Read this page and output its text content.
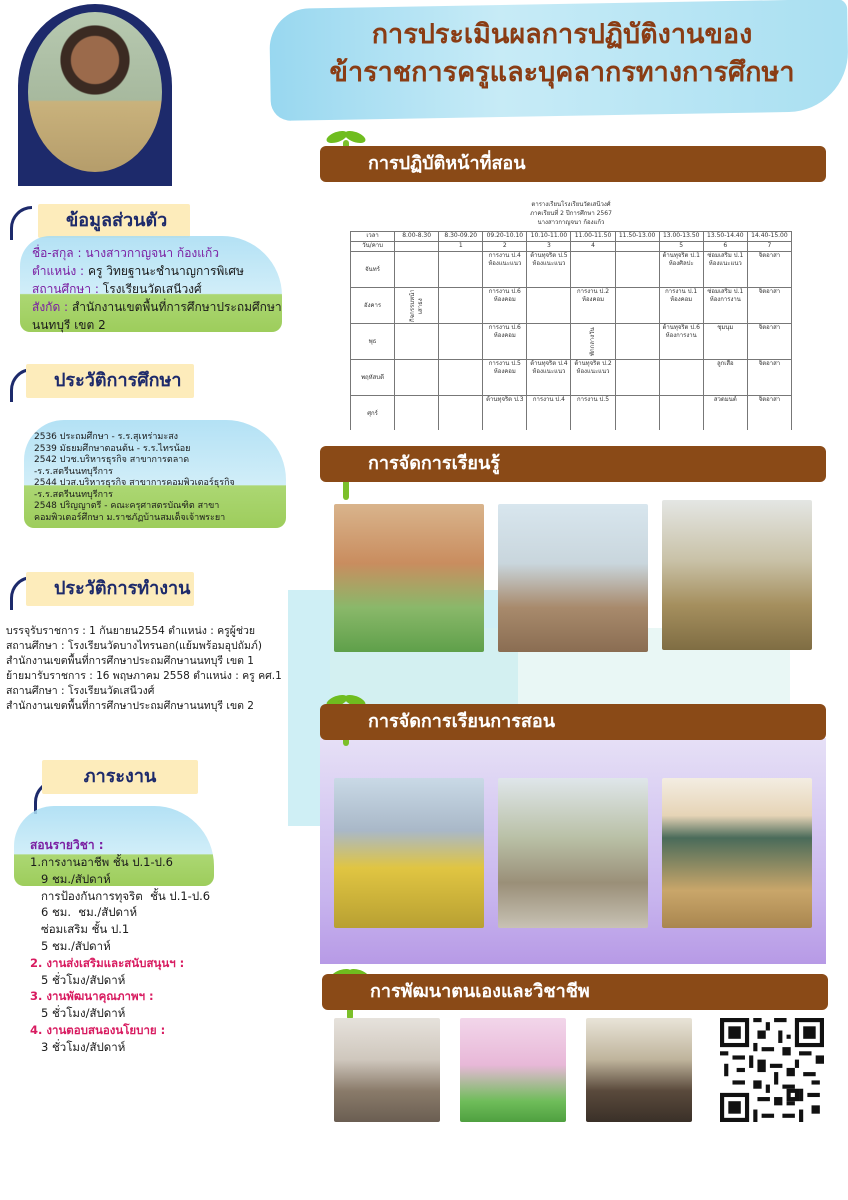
การประเมินผลการปฏิบัติงานของ
ข้าราชการครูและบุคลากรทางการศึกษา
ข้อมูลส่วนตัว
ชื่อ-สกุล : นางสาวกาญจนา ก้องแก้ว
ตำแหน่ง : ครู วิทยฐานะชำนาญการพิเศษ
สถานศึกษา : โรงเรียนวัดเสนีวงศ์
สังกัด : สำนักงานเขตพื้นที่การศึกษาประถมศึกษา
นนทบุรี เขต 2
ประวัติการศึกษา
2536 ประถมศึกษา - ร.ร.สุเหร่ามะสง
2539 มัธยมศึกษาตอนต้น - ร.ร.ไทรน้อย
2542 ปวช.บริหารธุรกิจ สาขาการตลาด
-ร.ร.สตรีนนทบุรีการ
2544 ปวส.บริหารธุรกิจ สาขาการคอมพิวเตอร์ธุรกิจ
-ร.ร.สตรีนนทบุรีการ
2548 ปริญญาตรี - คณะครุศาสตรบัณฑิต สาขา
คอมพิวเตอร์ศึกษา ม.ราชภัฏบ้านสมเด็จเจ้าพระยา
ประวัติการทำงาน
บรรจุรับราชการ : 1 กันยายน2554 ตำแหน่ง : ครูผู้ช่วย
สถานศึกษา : โรงเรียนวัดบางไทรนอก(แย้มพร้อมอุปถัมภ์)
สำนักงานเขตพื้นที่การศึกษาประถมศึกษานนทบุรี เขต 1
ย้ายมารับราชการ : 16 พฤษภาคม 2558 ตำแหน่ง : ครู คศ.1
สถานศึกษา : โรงเรียนวัดเสนีวงศ์
สำนักงานเขตพื้นที่การศึกษาประถมศึกษานนทบุรี เขต 2
ภาระงาน
สอนรายวิชา :
1.การงานอาชีพ ชั้น ป.1-ป.6
9 ชม./สัปดาห์
การป้องกันการทุจริต  ชั้น ป.1-ป.6
6 ชม.  ชม./สัปดาห์
ซ่อมเสริม ชั้น ป.1
5 ชม./สัปดาห์
2. งานส่งเสริมและสนับสนุนฯ :
5 ชั่วโมง/สัปดาห์
3. งานพัฒนาคุณภาพฯ :
5 ชั่วโมง/สัปดาห์
4. งานตอบสนองนโยบาย :
3 ชั่วโมง/สัปดาห์
การปฏิบัติหน้าที่สอน
ตารางเรียนโรงเรียนวัดเสนีวงศ์
ภาคเรียนที่ 2 ปีการศึกษา 2567
นางสาวกาญจนา ก้องแก้ว
เวลา	8.00-8.30	8.30-09.20	09.20-10.10	10.10-11.00	11.00-11.50	11.50-13.00	13.00-13.50	13.50-14.40	14.40-15.00
วัน/คาบ		1	2	3	4		5	6	7
จันทร์			การงาน ป.4 ห้องแนะแนว	ต้านทุจริต ป.5 ห้องแนะแนว			ต้านทุจริต ป.1 ห้องศิลปะ	ซ่อมเสริม ป.1 ห้องแนะแนว	จิตอาสา
อังคาร	กิจกรรมหน้าเสาธง		การงาน ป.6 ห้องคอม		การงาน ป.2 ห้องคอม		การงาน ป.1 ห้องคอม	ซ่อมเสริม ป.1 ห้องการงาน	จิตอาสา
พุธ			การงาน ป.6 ห้องคอม		พักกลางวัน		ต้านทุจริต ป.6 ห้องการงาน	ชุมนุม	จิตอาสา
พฤหัสบดี			การงาน ป.5 ห้องคอม	ต้านทุจริต ป.4 ห้องแนะแนว	ต้านทุจริต ป.2 ห้องแนะแนว			ลูกเสือ	จิตอาสา
ศุกร์			ต้านทุจริต ป.3	การงาน ป.4	การงาน ป.5			สวดมนต์	จิตอาสา
การจัดการเรียนรู้
การจัดการเรียนการสอน
การพัฒนาตนเองและวิชาชีพ
